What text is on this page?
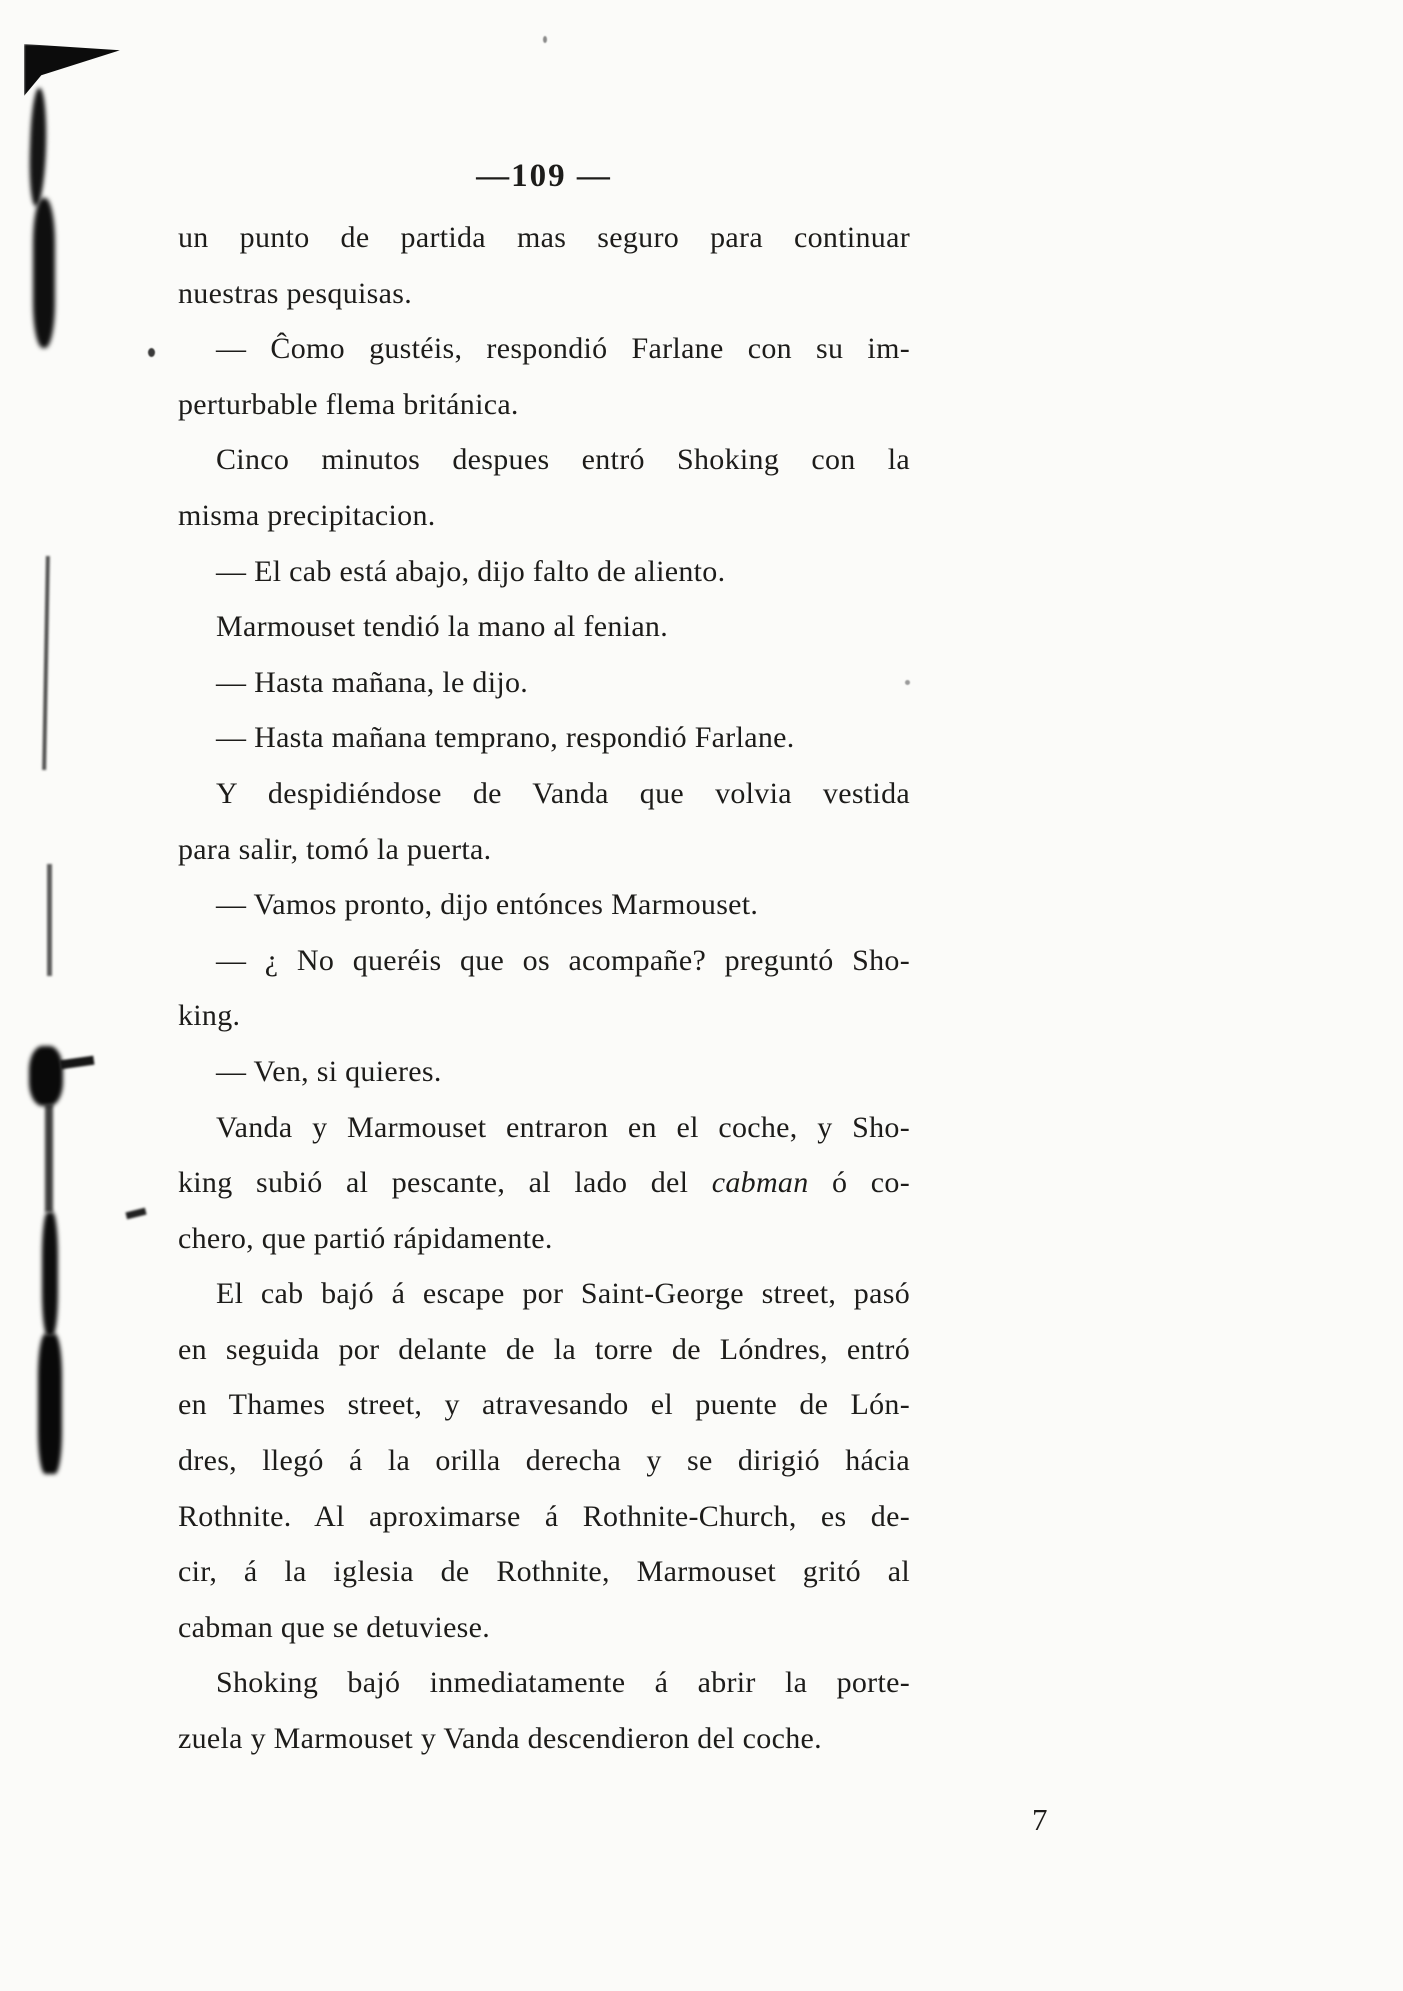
—109 —
un punto de partida mas seguro para continuar
nuestras pesquisas.
— Ĉomo gustéis, respondió Farlane con su im-
perturbable flema británica.
Cinco minutos despues entró Shoking con la
misma precipitacion.
— El cab está abajo, dijo falto de aliento.
Marmouset tendió la mano al fenian.
— Hasta mañana, le dijo.
— Hasta mañana temprano, respondió Farlane.
Y despidiéndose de Vanda que volvia vestida
para salir, tomó la puerta.
— Vamos pronto, dijo entónces Marmouset.
— ¿ No queréis que os acompañe? preguntó Sho-
king.
— Ven, si quieres.
Vanda y Marmouset entraron en el coche, y Sho-
king subió al pescante, al lado del cabman ó co-
chero, que partió rápidamente.
El cab bajó á escape por Saint-George street, pasó
en seguida por delante de la torre de Lóndres, entró
en Thames street, y atravesando el puente de Lón-
dres, llegó á la orilla derecha y se dirigió hácia
Rothnite. Al aproximarse á Rothnite-Church, es de-
cir, á la iglesia de Rothnite, Marmouset gritó al
cabman que se detuviese.
Shoking bajó inmediatamente á abrir la porte-
zuela y Marmouset y Vanda descendieron del coche.
7
